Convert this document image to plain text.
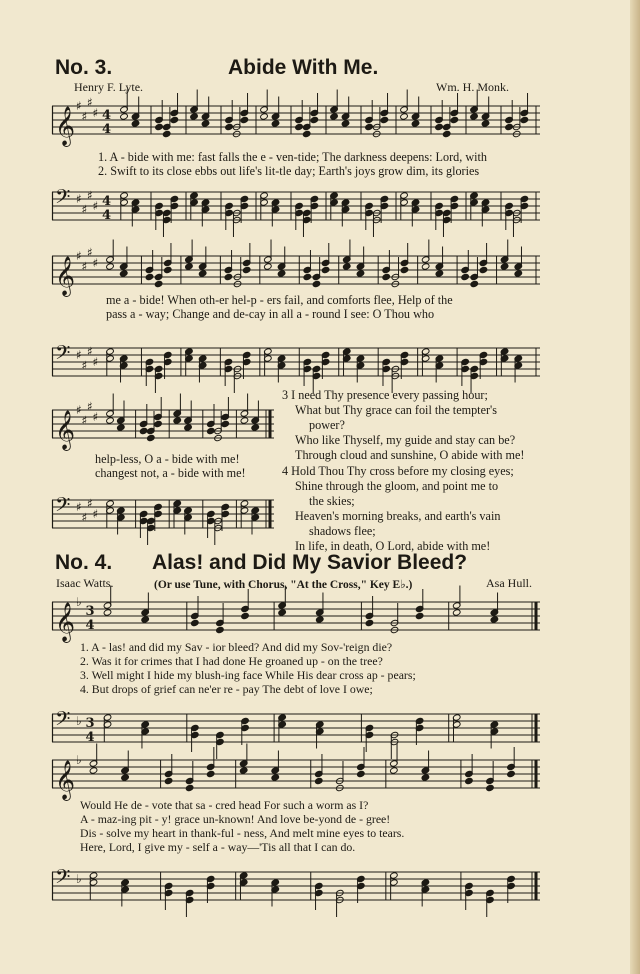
No. 3.	Abide With Me.
Henry F. Lyte.	Wm. H. Monk.
𝄞 ♯
♯
♯
♯ 4
4
1. A - bide with me: fast falls the e - ven-tide; The darkness deepens: Lord, with
2. Swift to its close ebbs out life's lit-tle day; Earth's joys grow dim, its glories
𝄢 ♯
♯
♯
♯ 4
4
𝄞 ♯
♯
♯
♯
me a - bide! When oth-er hel-p - ers fail, and comforts flee, Help of the
pass a - way; Change and de-cay in all a - round I see: O Thou who
𝄢 ♯
♯
♯
♯
𝄞 ♯
♯
♯
♯
help-less, O a - bide with me!
changest not, a - bide with me!
𝄢 ♯
♯
♯
♯
3 I need Thy presence every passing hour;
What but Thy grace can foil the tempter's
power?
Who like Thyself, my guide and stay can be?
Through cloud and sunshine, O abide with me!
4 Hold Thou Thy cross before my closing eyes;
Shine through the gloom, and point me to
the skies;
Heaven's morning breaks, and earth's vain
shadows flee;
In life, in death, O Lord, abide with me!
No. 4. Alas! and Did My Savior Bleed?
Isaac Watts.	(Or use Tune, with Chorus, "At the Cross," Key E♭.)	Asa Hull.
𝄞 ♭
3
4
1. A - las! and did my Sav - ior bleed? And did my Sov-'reign die?
2. Was it for crimes that I had done He groaned up - on the tree?
3. Well might I hide my blush-ing face While His dear cross ap - pears;
4. But drops of grief can ne'er re - pay The debt of love I owe;
𝄢 ♭ 3
4
𝄞 ♭
Would He de - vote that sa - cred head For such a worm as I?
A - maz-ing pit - y! grace un-known! And love be-yond de - gree!
Dis - solve my heart in thank-ful - ness, And melt mine eyes to tears.
Here, Lord, I give my - self a - way—'Tis all that I can do.
𝄢 ♭
